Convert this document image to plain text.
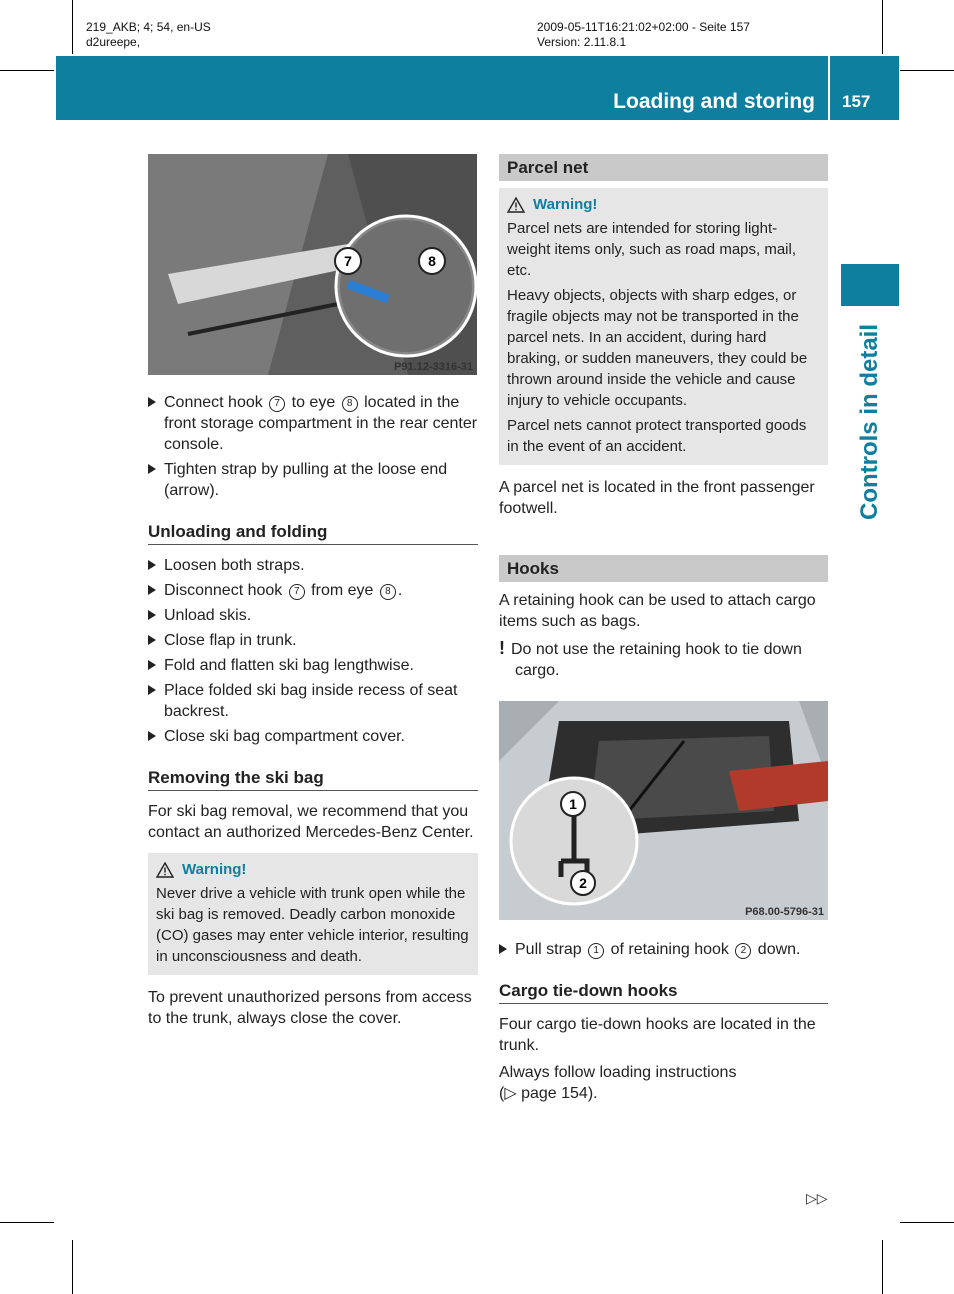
219_AKB; 4; 54, en-US
d2ureepe,
2009-05-11T16:21:02+02:00 - Seite 157
Version: 2.11.8.1
Loading and storing 157
Controls in detail
7	8
P91.12-3316-31
Connect hook 7 to eye 8 located in the front storage compartment in the rear center console.
Tighten strap by pulling at the loose end (arrow).
Unloading and folding
Loosen both straps.
Disconnect hook 7 from eye 8 .
Unload skis.
Close flap in trunk.
Fold and flatten ski bag lengthwise.
Place folded ski bag inside recess of seat backrest.
Close ski bag compartment cover.
Removing the ski bag

For ski bag removal, we recommend that you contact an authorized Mercedes-Benz Center.

Warning!

Never drive a vehicle with trunk open while the ski bag is removed. Deadly carbon monoxide (CO) gases may enter vehicle interior, resulting in unconsciousness and death.

To prevent unauthorized persons from access to the trunk, always close the cover.

Parcel net
Warning!

Parcel nets are intended for storing light-weight items only, such as road maps, mail, etc.

Heavy objects, objects with sharp edges, or fragile objects may not be transported in the parcel nets. In an accident, during hard braking, or sudden maneuvers, they could be thrown around inside the vehicle and cause injury to vehicle occupants.

Parcel nets cannot protect transported goods in the event of an accident.

A parcel net is located in the front passenger footwell.

Hooks

A retaining hook can be used to attach cargo items such as bags.

! Do not use the retaining hook to tie down cargo.

1
2
P68.00-5796-31
Pull strap 1 of retaining hook 2 down.
Cargo tie-down hooks

Four cargo tie-down hooks are located in the trunk.

Always follow loading instructions
(▷ page 154).

▷▷
